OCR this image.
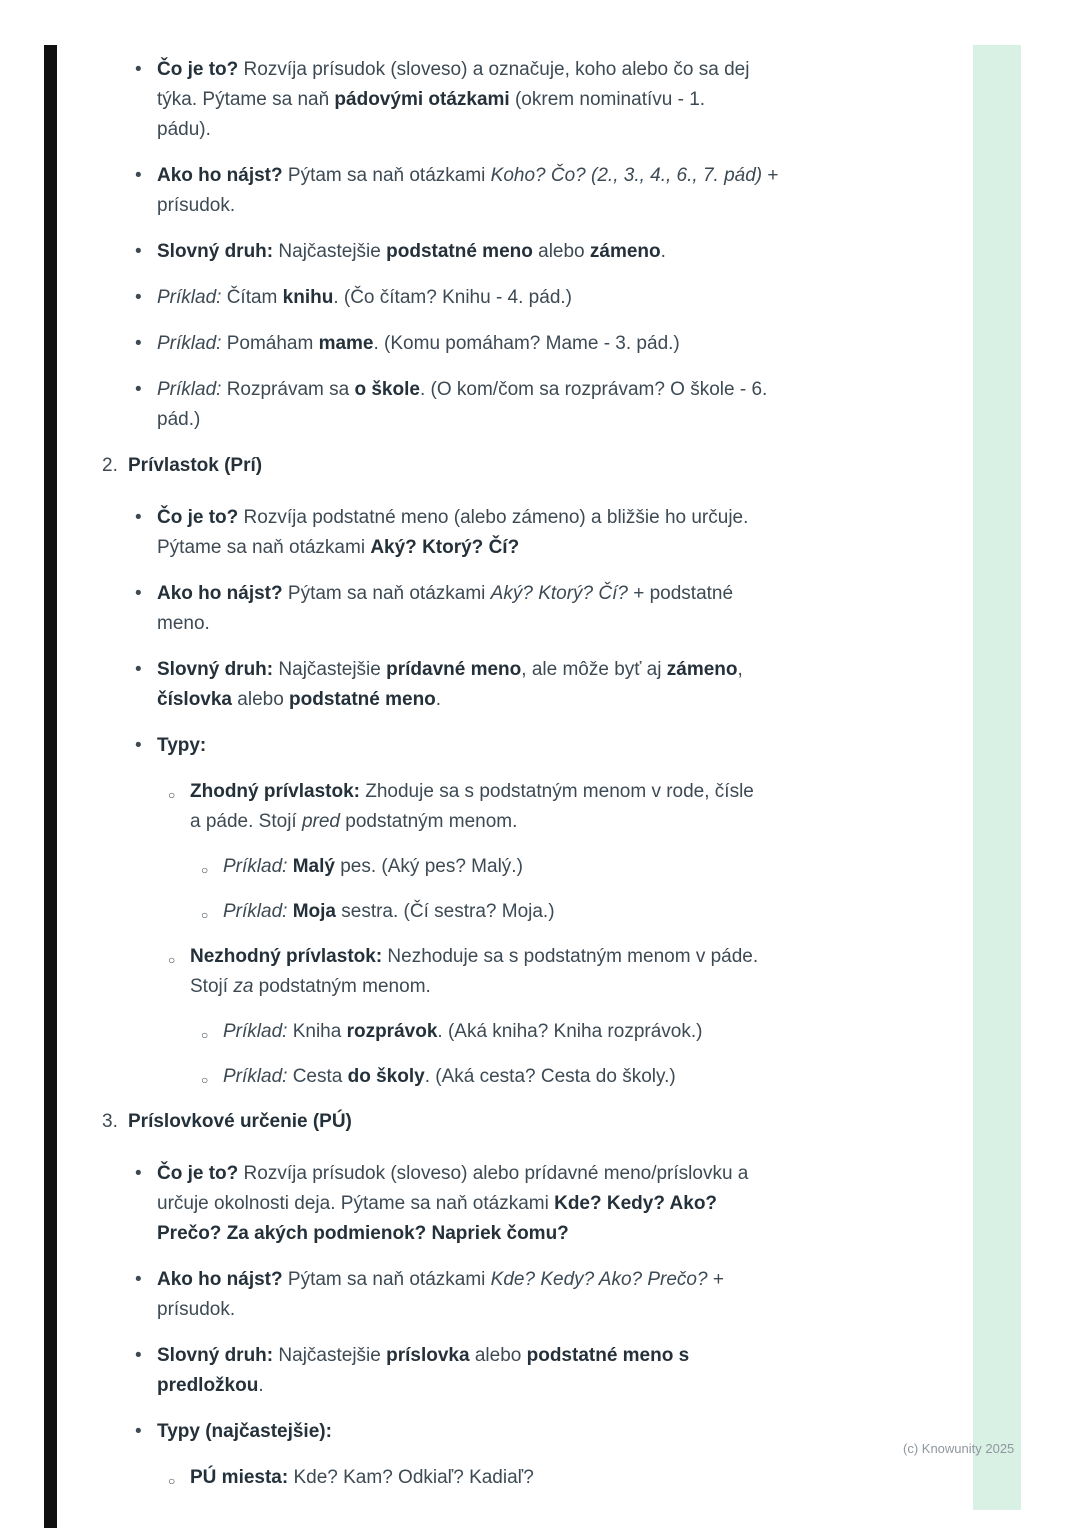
• Čo je to? Rozvíja prísudok (sloveso) a označuje, koho alebo čo sa dej
týka. Pýtame sa naň pádovými otázkami (okrem nominatívu - 1.
pádu).
• Ako ho nájst? Pýtam sa naň otázkami Koho? Čo? (2., 3., 4., 6., 7. pád) +
prísudok.
• Slovný druh: Najčastejšie podstatné meno alebo zámeno.
• Príklad: Čítam knihu. (Čo čítam? Knihu - 4. pád.)
• Príklad: Pomáham mame. (Komu pomáham? Mame - 3. pád.)
• Príklad: Rozprávam sa o škole. (O kom/čom sa rozprávam? O škole - 6.
pád.)
2. Prívlastok (Prí)
• Čo je to? Rozvíja podstatné meno (alebo zámeno) a bližšie ho určuje.
Pýtame sa naň otázkami Aký? Ktorý? Čí?
• Ako ho nájst? Pýtam sa naň otázkami Aký? Ktorý? Čí? + podstatné
meno.
• Slovný druh: Najčastejšie prídavné meno, ale môže byť aj zámeno,
číslovka alebo podstatné meno.
• Typy:
○ Zhodný prívlastok: Zhoduje sa s podstatným menom v rode, čísle
a páde. Stojí pred podstatným menom.
○ Príklad: Malý pes. (Aký pes? Malý.)
○ Príklad: Moja sestra. (Čí sestra? Moja.)
○ Nezhodný prívlastok: Nezhoduje sa s podstatným menom v páde.
Stojí za podstatným menom.
○ Príklad: Kniha rozprávok. (Aká kniha? Kniha rozprávok.)
○ Príklad: Cesta do školy. (Aká cesta? Cesta do školy.)
3. Príslovkové určenie (PÚ)
• Čo je to? Rozvíja prísudok (sloveso) alebo prídavné meno/príslovku a
určuje okolnosti deja. Pýtame sa naň otázkami Kde? Kedy? Ako?
Prečo? Za akých podmienok? Napriek čomu?
• Ako ho nájst? Pýtam sa naň otázkami Kde? Kedy? Ako? Prečo? +
prísudok.
• Slovný druh: Najčastejšie príslovka alebo podstatné meno s
predložkou.
• Typy (najčastejšie):
○ PÚ miesta: Kde? Kam? Odkiaľ? Kadiaľ?
(c) Knowunity 2025
